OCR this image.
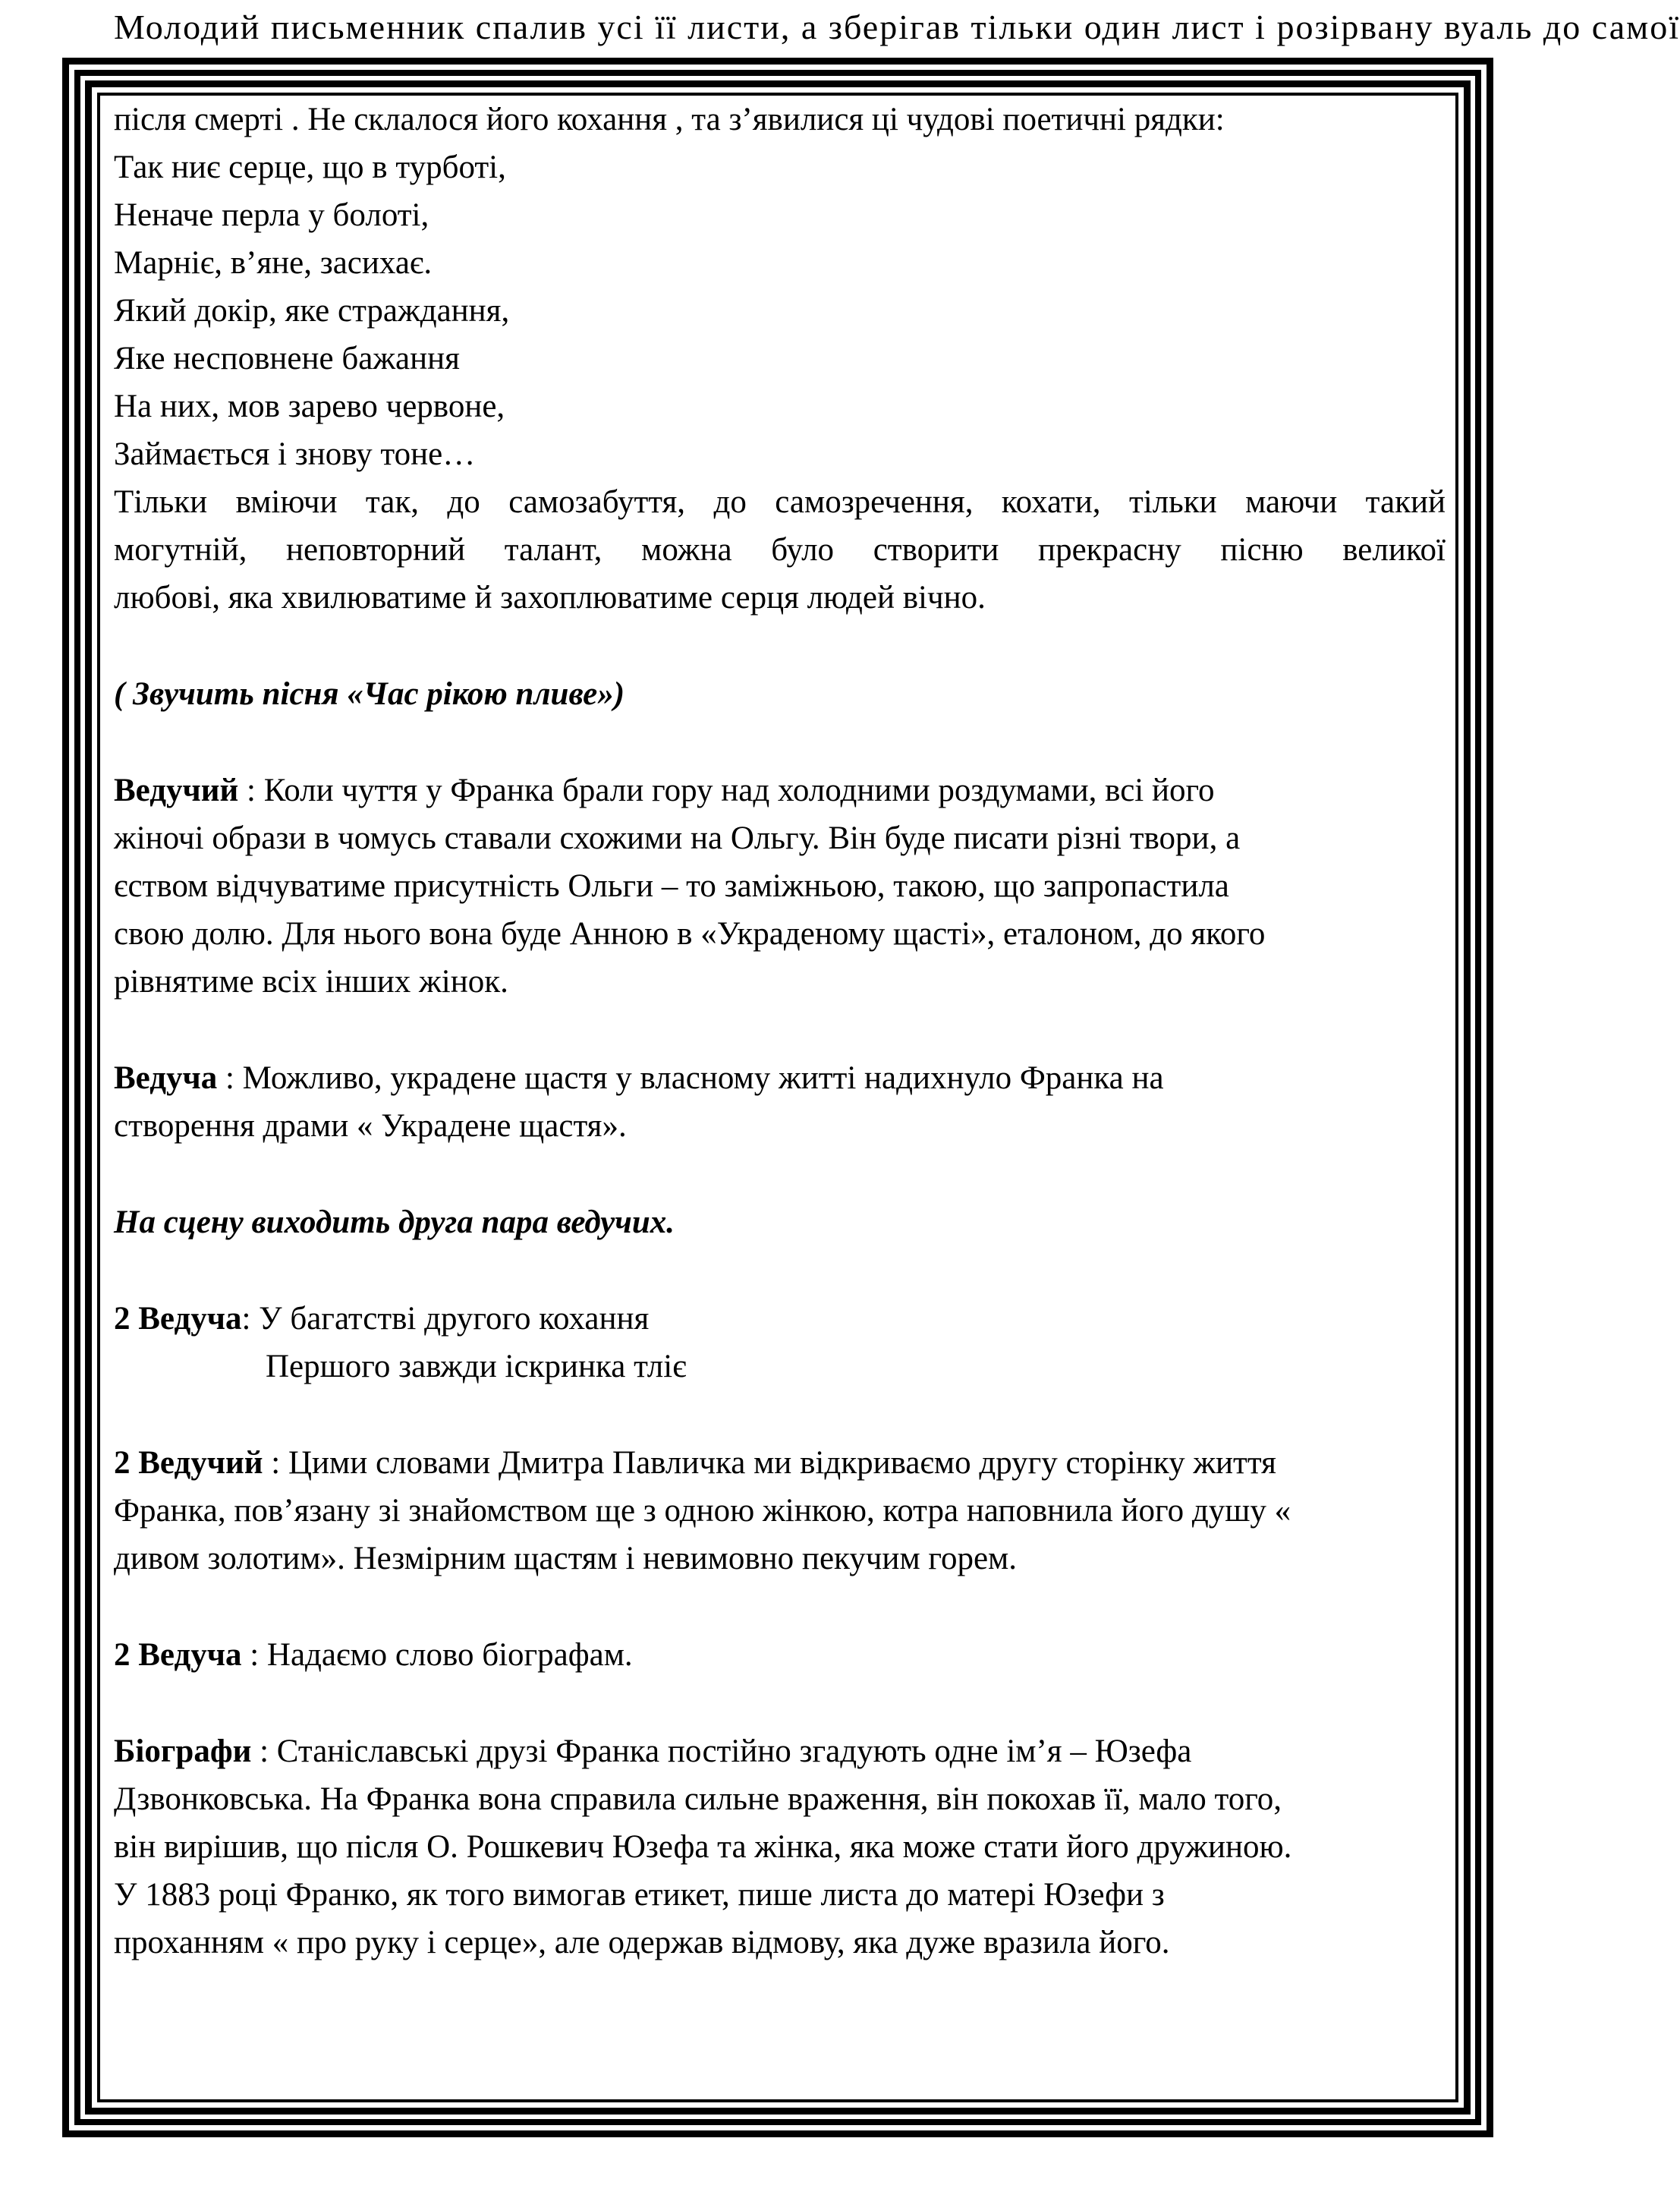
Молодий письменник спалив усі її листи, а зберігав тільки один лист і розірвану вуаль до самої
після смерті . Не склалося його кохання , та з’явилися ці чудові поетичні рядки:
Так ниє серце, що в турботі,
Неначе перла у болоті,
Марніє, в’яне, засихає.
Який докір, яке страждання,
Яке несповнене бажання
На них, мов зарево червоне,
Займається і знову тоне…
Тільки вміючи так, до самозабуття, до самозречення, кохати, тільки маючи такий
могутній, неповторний талант, можна було створити прекрасну пісню великої
любові, яка хвилюватиме й захоплюватиме серця людей вічно.
( Звучить пісня «Час рікою пливе»)
Ведучий : Коли чуття у Франка брали гору над холодними роздумами, всі його
жіночі образи в чомусь ставали схожими на Ольгу. Він буде писати різні твори, а
єством відчуватиме присутність Ольги – то заміжньою, такою, що запропастила
свою долю. Для нього вона буде Анною в «Украденому щасті», еталоном, до якого
рівнятиме всіх інших жінок.
Ведуча : Можливо, украдене щастя у власному житті надихнуло Франка на
створення драми « Украдене щастя».
На сцену виходить друга пара ведучих.
2 Ведуча: У багатстві другого кохання
Першого завжди іскринка тліє
2 Ведучий : Цими словами Дмитра Павличка ми відкриваємо другу сторінку життя
Франка, пов’язану зі знайомством ще з одною жінкою, котра наповнила його душу «
дивом золотим». Незмірним щастям і невимовно пекучим горем.
2 Ведуча : Надаємо слово біографам.
Біографи : Станіславські друзі Франка постійно згадують одне ім’я – Юзефа
Дзвонковська. На Франка вона справила сильне враження, він покохав її, мало того,
він вирішив, що після О. Рошкевич Юзефа та жінка, яка може стати його дружиною.
У 1883 році Франко, як того вимогав етикет, пише листа до матері Юзефи з
проханням « про руку і серце», але одержав відмову, яка дуже вразила його.
